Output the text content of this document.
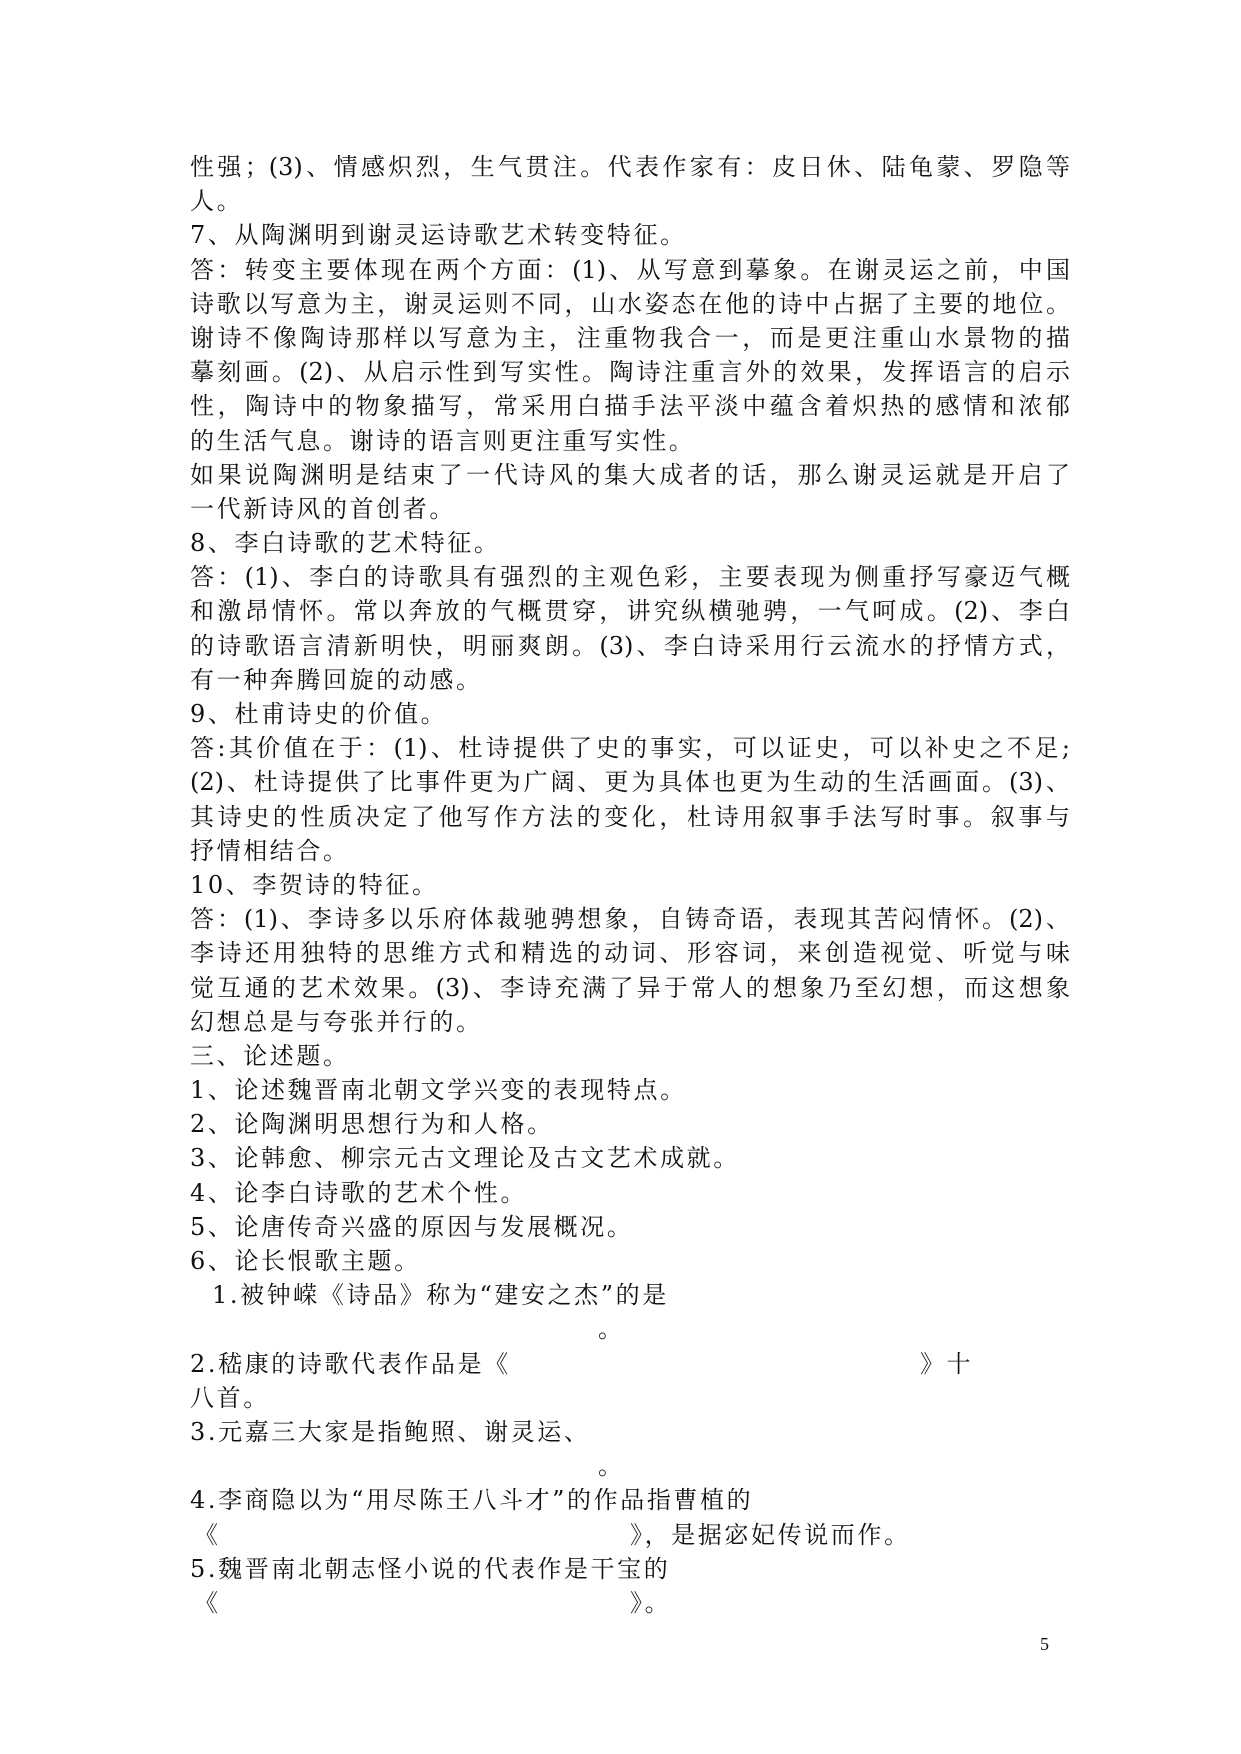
性强；(3)、情感炽烈，生气贯注。代表作家有：皮日休、陆龟蒙、罗隐等
人。
7、从陶渊明到谢灵运诗歌艺术转变特征。
答：转变主要体现在两个方面：(1)、从写意到摹象。在谢灵运之前，中国
诗歌以写意为主，谢灵运则不同，山水姿态在他的诗中占据了主要的地位。
谢诗不像陶诗那样以写意为主，注重物我合一，而是更注重山水景物的描
摹刻画。(2)、从启示性到写实性。陶诗注重言外的效果，发挥语言的启示
性，陶诗中的物象描写，常采用白描手法平淡中蕴含着炽热的感情和浓郁
的生活气息。谢诗的语言则更注重写实性。
如果说陶渊明是结束了一代诗风的集大成者的话，那么谢灵运就是开启了
一代新诗风的首创者。
8、李白诗歌的艺术特征。
答：(1)、李白的诗歌具有强烈的主观色彩，主要表现为侧重抒写豪迈气概
和激昂情怀。常以奔放的气概贯穿，讲究纵横驰骋，一气呵成。(2)、李白
的诗歌语言清新明快，明丽爽朗。(3)、李白诗采用行云流水的抒情方式，
有一种奔腾回旋的动感。
9、杜甫诗史的价值。
答:其价值在于：(1)、杜诗提供了史的事实，可以证史，可以补史之不足;
(2)、杜诗提供了比事件更为广阔、更为具体也更为生动的生活画面。(3)、
其诗史的性质决定了他写作方法的变化，杜诗用叙事手法写时事。叙事与
抒情相结合。
10、李贺诗的特征。
答：(1)、李诗多以乐府体裁驰骋想象，自铸奇语，表现其苦闷情怀。(2)、
李诗还用独特的思维方式和精选的动词、形容词，来创造视觉、听觉与味
觉互通的艺术效果。(3)、李诗充满了异于常人的想象乃至幻想，而这想象
幻想总是与夸张并行的。
三、论述题。
1、论述魏晋南北朝文学兴变的表现特点。
2、论陶渊明思想行为和人格。
3、论韩愈、柳宗元古文理论及古文艺术成就。
4、论李白诗歌的艺术个性。
5、论唐传奇兴盛的原因与发展概况。
6、论长恨歌主题。
1.被钟嵘《诗品》称为“建安之杰”的是
。
2.嵇康的诗歌代表作品是《	》十
八首。
3.元嘉三大家是指鲍照、谢灵运、
。
4.李商隐以为“用尽陈王八斗才”的作品指曹植的
《	》，是据宓妃传说而作。
5.魏晋南北朝志怪小说的代表作是干宝的
《	》。
5
